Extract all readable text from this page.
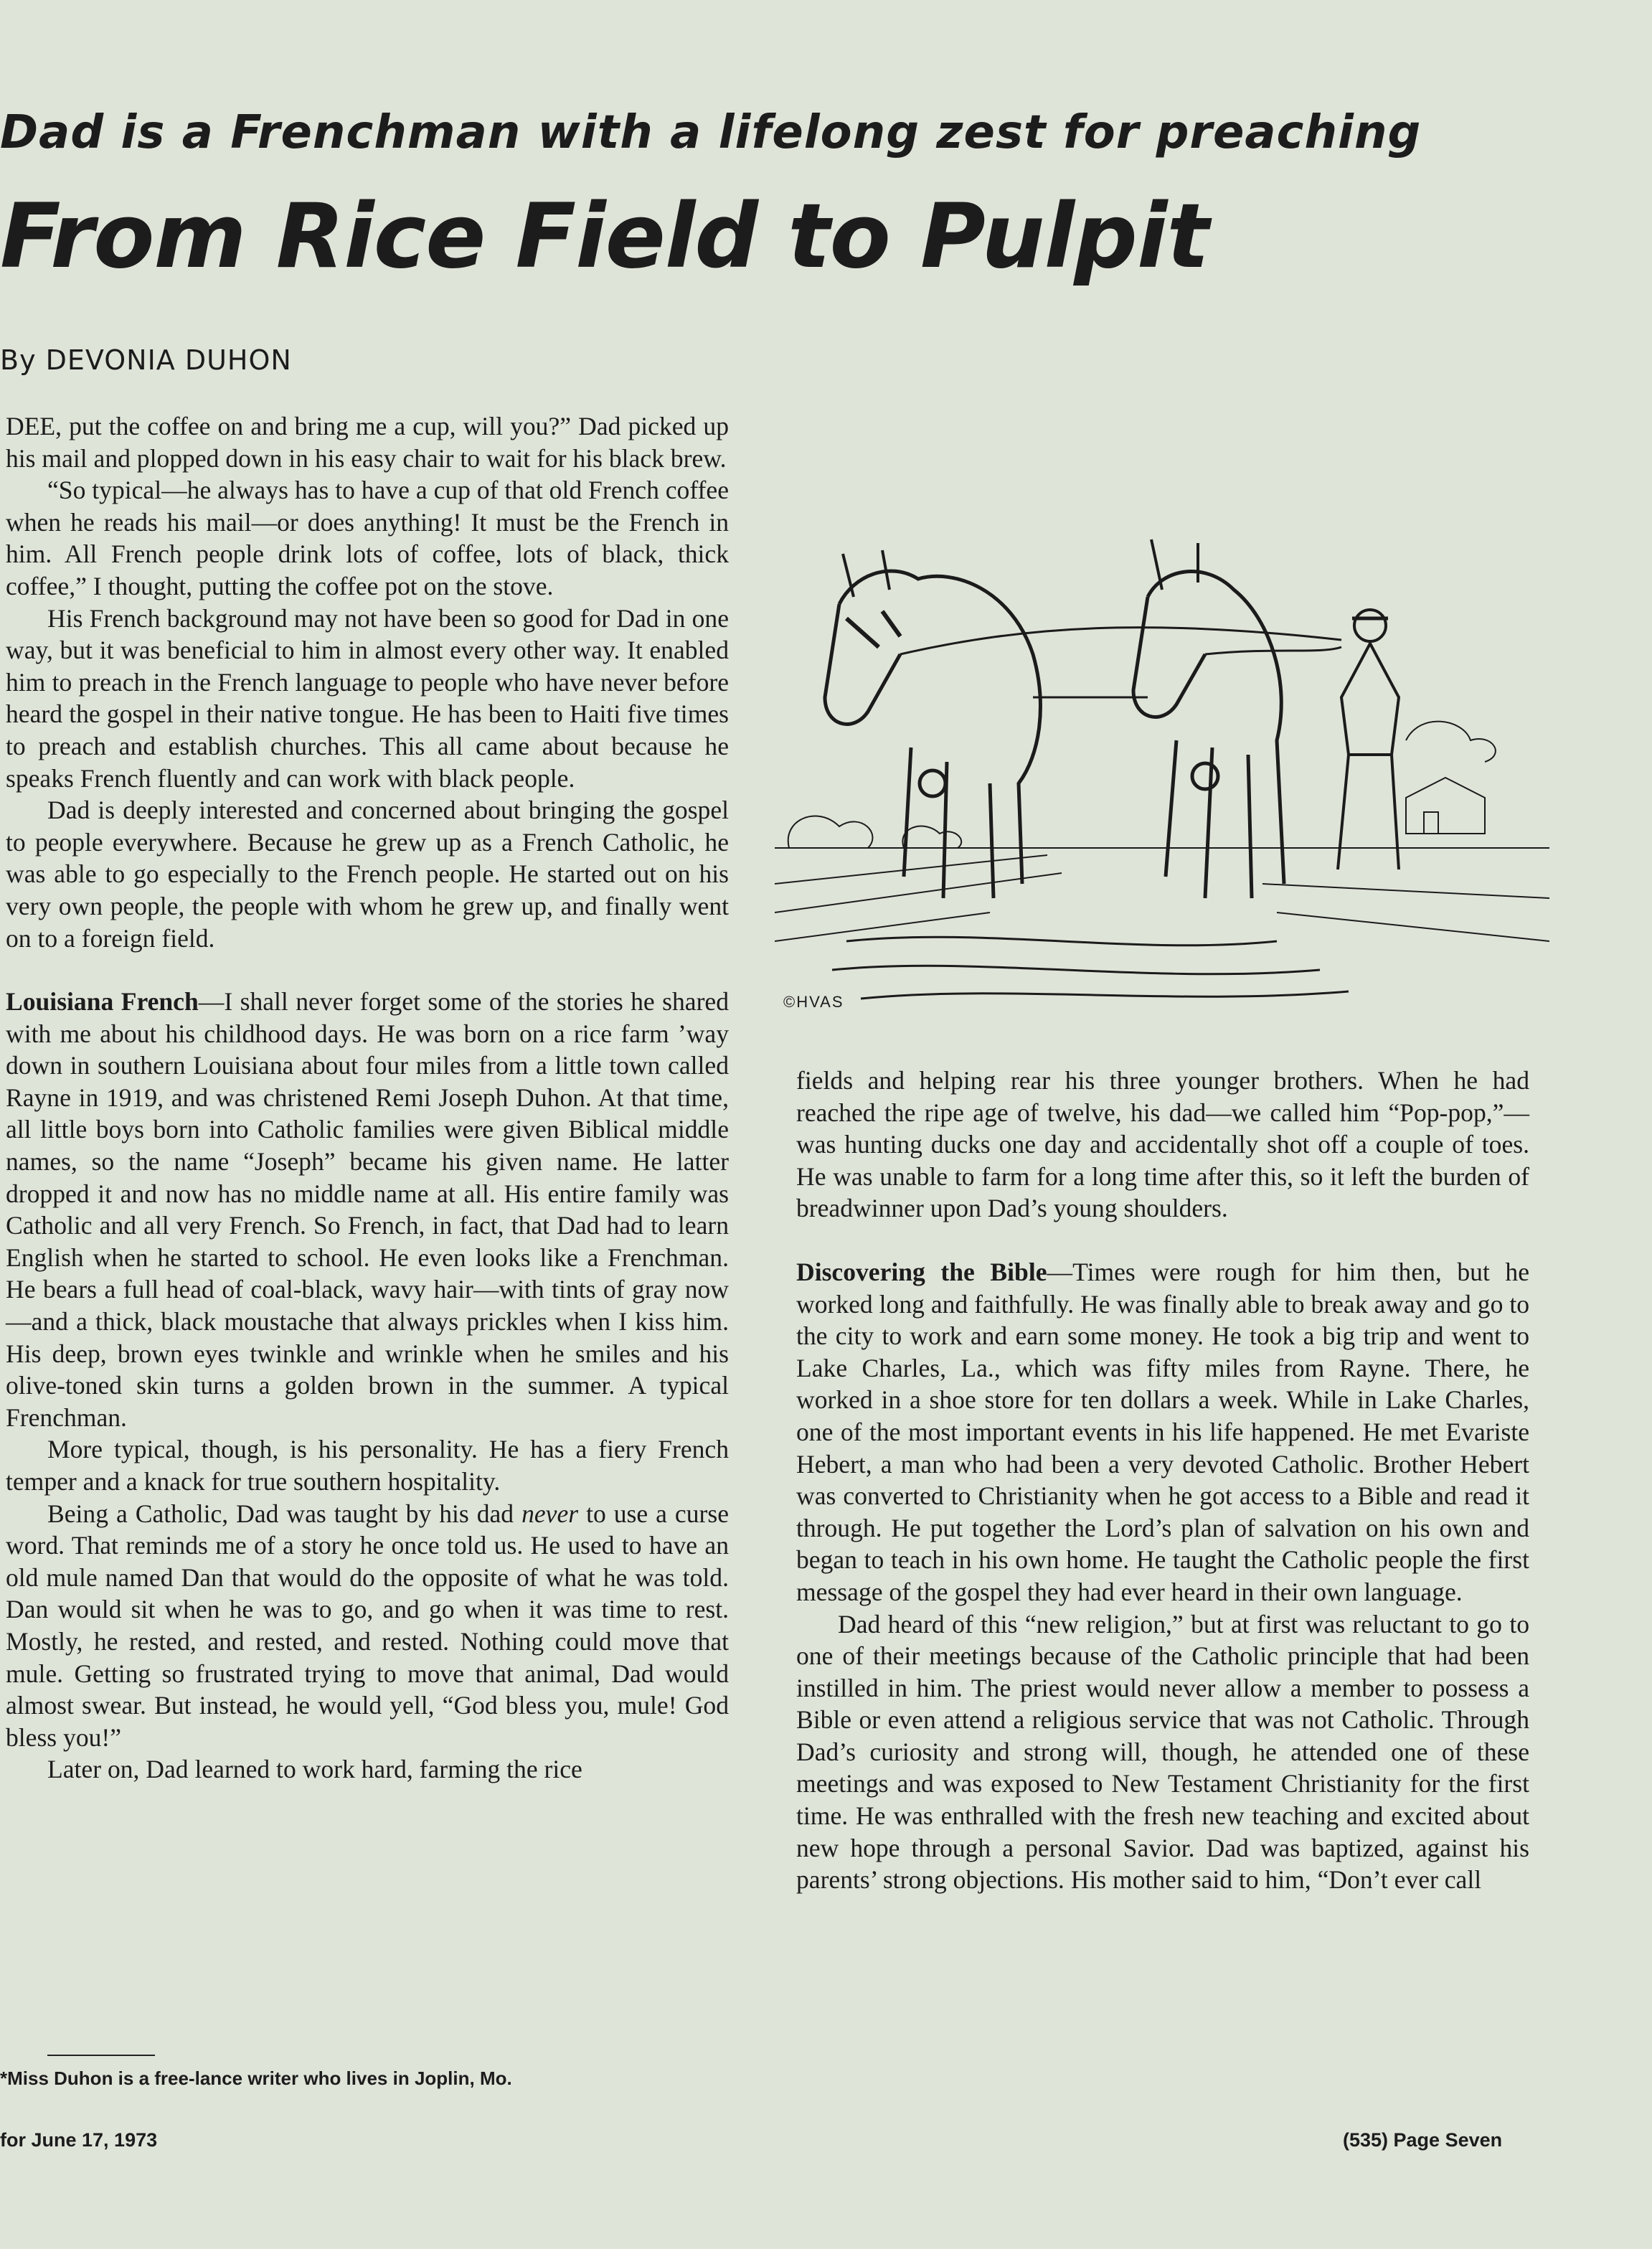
Dad is a Frenchman with a lifelong zest for preaching
From Rice Field to Pulpit

By DEVONIA DUHON

DEE, put the coffee on and bring me a cup, will you?” Dad picked up his mail and plopped down in his easy chair to wait for his black brew.

“So typical—he always has to have a cup of that old French coffee when he reads his mail—or does anything! It must be the French in him. All French people drink lots of coffee, lots of black, thick coffee,” I thought, putting the coffee pot on the stove.

His French background may not have been so good for Dad in one way, but it was beneficial to him in almost every other way. It enabled him to preach in the French language to people who have never before heard the gospel in their native tongue. He has been to Haiti five times to preach and establish churches. This all came about because he speaks French fluently and can work with black people.

Dad is deeply interested and concerned about bringing the gospel to people everywhere. Because he grew up as a French Catholic, he was able to go especially to the French people. He started out on his very own people, the people with whom he grew up, and finally went on to a foreign field.

Louisiana French—I shall never forget some of the stories he shared with me about his childhood days. He was born on a rice farm ’way down in southern Louisiana about four miles from a little town called Rayne in 1919, and was christened Remi Joseph Duhon. At that time, all little boys born into Catholic families were given Biblical middle names, so the name “Joseph” became his given name. He latter dropped it and now has no middle name at all. His entire family was Catholic and all very French. So French, in fact, that Dad had to learn English when he started to school. He even looks like a Frenchman. He bears a full head of coal-black, wavy hair—with tints of gray now—and a thick, black moustache that always prickles when I kiss him. His deep, brown eyes twinkle and wrinkle when he smiles and his olive-toned skin turns a golden brown in the summer. A typical Frenchman.

More typical, though, is his personality. He has a fiery French temper and a knack for true southern hospitality.

Being a Catholic, Dad was taught by his dad never to use a curse word. That reminds me of a story he once told us. He used to have an old mule named Dan that would do the opposite of what he was told. Dan would sit when he was to go, and go when it was time to rest. Mostly, he rested, and rested, and rested. Nothing could move that mule. Getting so frustrated trying to move that animal, Dad would almost swear. But instead, he would yell, “God bless you, mule! God bless you!”

Later on, Dad learned to work hard, farming the rice

*Miss Duhon is a free-lance writer who lives in Joplin, Mo.

©HVAS

fields and helping rear his three younger brothers. When he had reached the ripe age of twelve, his dad—we called him “Pop-pop,”—was hunting ducks one day and accidentally shot off a couple of toes. He was unable to farm for a long time after this, so it left the burden of breadwinner upon Dad’s young shoulders.

Discovering the Bible—Times were rough for him then, but he worked long and faithfully. He was finally able to break away and go to the city to work and earn some money. He took a big trip and went to Lake Charles, La., which was fifty miles from Rayne. There, he worked in a shoe store for ten dollars a week. While in Lake Charles, one of the most important events in his life happened. He met Evariste Hebert, a man who had been a very devoted Catholic. Brother Hebert was converted to Christianity when he got access to a Bible and read it through. He put together the Lord’s plan of salvation on his own and began to teach in his own home. He taught the Catholic people the first message of the gospel they had ever heard in their own language.

Dad heard of this “new religion,” but at first was reluctant to go to one of their meetings because of the Catholic principle that had been instilled in him. The priest would never allow a member to possess a Bible or even attend a religious service that was not Catholic. Through Dad’s curiosity and strong will, though, he attended one of these meetings and was exposed to New Testament Christianity for the first time. He was enthralled with the fresh new teaching and excited about new hope through a personal Savior. Dad was baptized, against his parents’ strong objections. His mother said to him, “Don’t ever call

for June 17, 1973	(535) Page Seven
